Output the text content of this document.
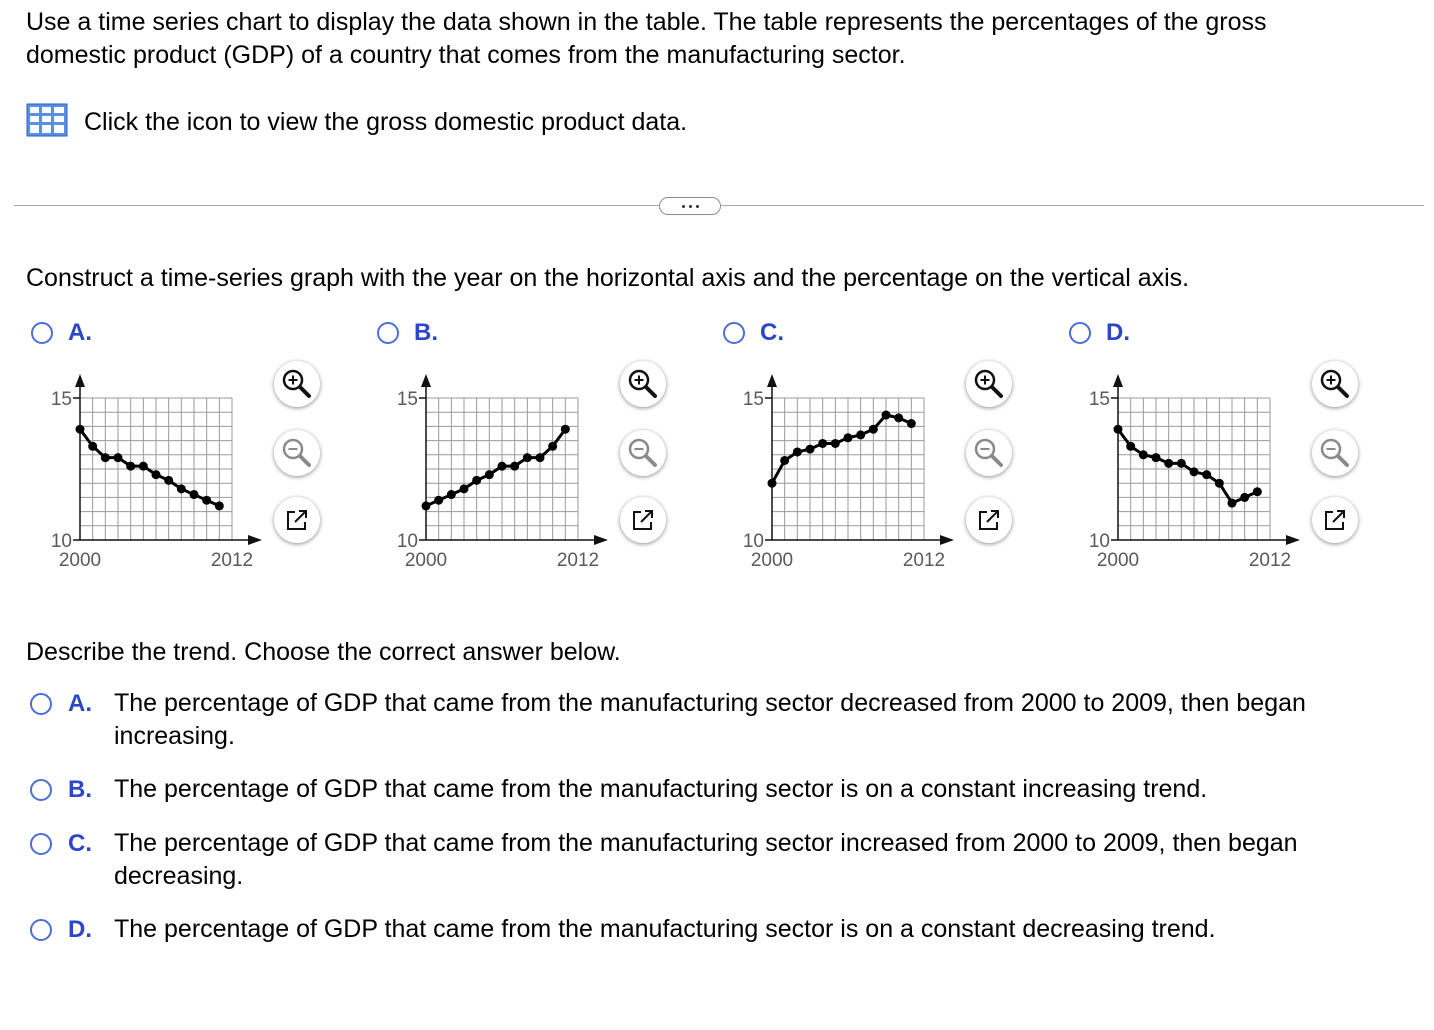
Use a time series chart to display the data shown in the table. The table represents the percentages of the gross domestic product (GDP) of a country that comes from the manufacturing sector.
Click the icon to view the gross domestic product data.
Construct a time-series graph with the year on the horizontal axis and the percentage on the vertical axis.
A.
10
15
2000	2012
B.
10
15
2000	2012
C.
10
15
2000	2012
D.
10
15
2000	2012
Describe the trend. Choose the correct answer below.
A. The percentage of GDP that came from the manufacturing sector decreased from 2000 to 2009, then began increasing.
B. The percentage of GDP that came from the manufacturing sector is on a constant increasing trend.
C. The percentage of GDP that came from the manufacturing sector increased from 2000 to 2009, then began decreasing.
D. The percentage of GDP that came from the manufacturing sector is on a constant decreasing trend.
